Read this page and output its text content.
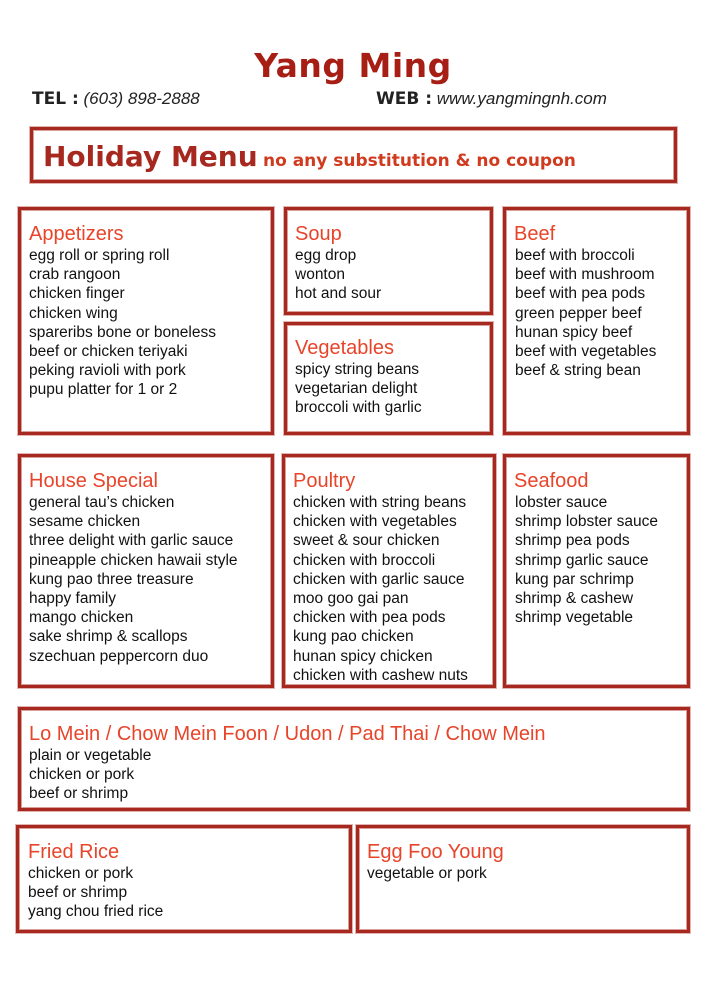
Yang Ming
TEL : (603) 898-2888	WEB : www.yangmingnh.com
Holiday Menu no any substitution & no coupon
Appetizers
egg roll or spring roll
crab rangoon
chicken finger
chicken wing
spareribs bone or boneless
beef or chicken teriyaki
peking ravioli with pork
pupu platter for 1 or 2
Soup
egg drop
wonton
hot and sour
Vegetables
spicy string beans
vegetarian delight
broccoli with garlic
Beef
beef with broccoli
beef with mushroom
beef with pea pods
green pepper beef
hunan spicy beef
beef with vegetables
beef & string bean
House Special
general tau’s chicken
sesame chicken
three delight with garlic sauce
pineapple chicken hawaii style
kung pao three treasure
happy family
mango chicken
sake shrimp & scallops
szechuan peppercorn duo
Poultry
chicken with string beans
chicken with vegetables
sweet & sour chicken
chicken with broccoli
chicken with garlic sauce
moo goo gai pan
chicken with pea pods
kung pao chicken
hunan spicy chicken
chicken with cashew nuts
Seafood
lobster sauce
shrimp lobster sauce
shrimp pea pods
shrimp garlic sauce
kung par schrimp
shrimp & cashew
shrimp vegetable
Lo Mein / Chow Mein Foon / Udon / Pad Thai / Chow Mein
plain or vegetable
chicken or pork
beef or shrimp
Fried Rice
chicken or pork
beef or shrimp
yang chou fried rice
Egg Foo Young
vegetable or pork
